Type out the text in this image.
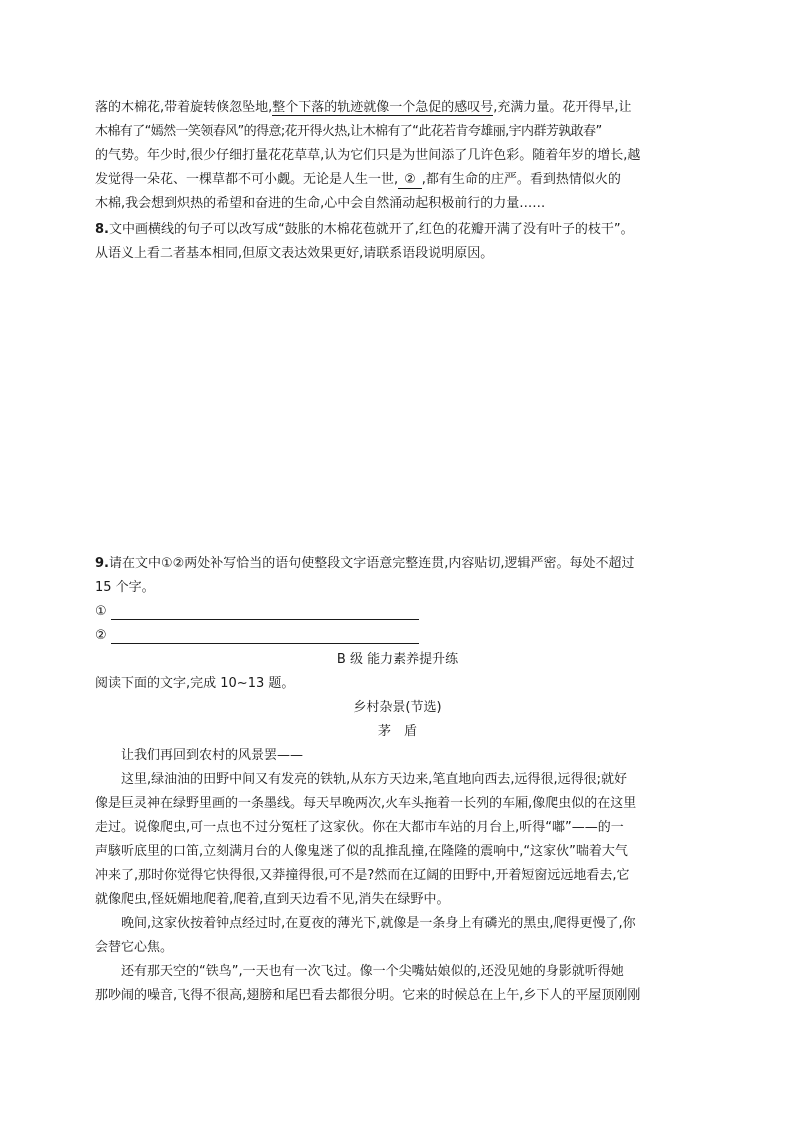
落的木棉花,带着旋转倏忽坠地,整个下落的轨迹就像一个急促的感叹号,充满力量。花开得早,让
木棉有了“嫣然一笑领春风”的得意;花开得火热,让木棉有了“此花若肯夸雄丽,宇内群芳孰敢春”
的气势。年少时,很少仔细打量花花草草,认为它们只是为世间添了几许色彩。随着年岁的增长,越
发觉得一朵花、一棵草都不可小觑。无论是人生一世, ② ,都有生命的庄严。看到热情似火的
木棉,我会想到炽热的希望和奋进的生命,心中会自然涌动起积极前行的力量……
8.文中画横线的句子可以改写成“鼓胀的木棉花苞就开了,红色的花瓣开满了没有叶子的枝干”。
从语义上看二者基本相同,但原文表达效果更好,请联系语段说明原因。
9.请在文中①②两处补写恰当的语句使整段文字语意完整连贯,内容贴切,逻辑严密。每处不超过
15 个字。
①
②
B 级 能力素养提升练
阅读下面的文字,完成 10~13 题。
乡村杂景(节选)
茅　盾
让我们再回到农村的风景罢——
这里,绿油油的田野中间又有发亮的铁轨,从东方天边来,笔直地向西去,远得很,远得很;就好
像是巨灵神在绿野里画的一条墨线。每天早晚两次,火车头拖着一长列的车厢,像爬虫似的在这里
走过。说像爬虫,可一点也不过分冤枉了这家伙。你在大都市车站的月台上,听得“嘟”——的一
声駭听底里的口笛,立刻满月台的人像鬼迷了似的乱推乱撞,在隆隆的震响中,“这家伙”喘着大气
冲来了,那时你觉得它快得很,又莽撞得很,可不是?然而在辽阔的田野中,开着短窗远远地看去,它
就像爬虫,怪妩媚地爬着,爬着,直到天边看不见,消失在绿野中。
晚间,这家伙按着钟点经过时,在夏夜的薄光下,就像是一条身上有磷光的黑虫,爬得更慢了,你
会替它心焦。
还有那天空的“铁鸟”,一天也有一次飞过。像一个尖嘴姑娘似的,还没见她的身影就听得她
那吵闹的噪音,飞得不很高,翅膀和尾巴看去都很分明。它来的时候总在上午,乡下人的平屋顶刚刚
